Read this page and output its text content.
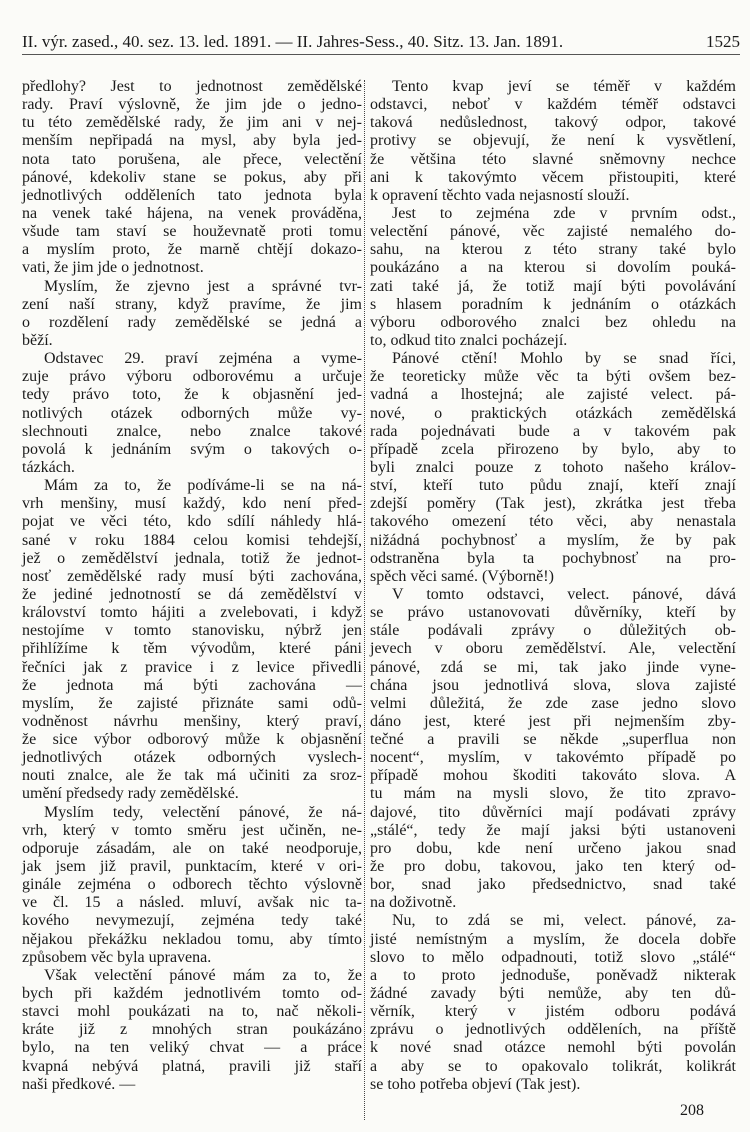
II. výr. zased., 40. sez. 13. led. 1891. — II. Jahres-Sess., 40. Sitz. 13. Jan. 1891.	1525
předlohy? Jest to jednotnost zemědělské
rady. Praví výslovně, že jim jde o jedno-
tu této zemědělské rady, že jim ani v nej-
menším nepřipadá na mysl, aby byla jed-
nota tato porušena, ale přece, velectění
pánové, kdekoliv stane se pokus, aby při
jednotlivých odděleních tato jednota byla
na venek také hájena, na venek prováděna,
všude tam staví se houževnatě proti tomu
a myslím proto, že marně chtějí dokazo-
vati, že jim jde o jednotnost.
Myslím, že zjevno jest a správné tvr-
zení naší strany, když pravíme, že jim
o rozdělení rady zemědělské se jedná a
běží.
Odstavec 29. praví zejména a vyme-
zuje právo výboru odborovému a určuje
tedy právo toto, že k objasnění jed-
notlivých otázek odborných může vy-
slechnouti znalce, nebo znalce takové
povolá k jednáním svým o takových o-
tázkách.
Mám za to, že podíváme-li se na ná-
vrh menšiny, musí každý, kdo není před-
pojat ve věci této, kdo sdílí náhledy hlá-
sané v roku 1884 celou komisi tehdejší,
jež o zemědělství jednala, totiž že jednot-
nosť zemědělské rady musí býti zachována,
že jediné jednotností se dá zemědělství v
království tomto hájiti a zvelebovati, i když
nestojíme v tomto stanovisku, nýbrž jen
přihlížíme k těm vývodům, které páni
řečníci jak z pravice i z levice přivedli
že jednota má býti zachována —
myslím, že zajisté přiznáte sami odů-
vodněnost návrhu menšiny, který praví,
že sice výbor odborový může k objasnění
jednotlivých otázek odborných vyslech-
nouti znalce, ale že tak má učiniti za sroz-
umění předsedy rady zemědělské.
Myslím tedy, velectění pánové, že ná-
vrh, který v tomto směru jest učiněn, ne-
odporuje zásadám, ale on také neodporuje,
jak jsem již pravil, punktacím, které v ori-
ginále zejména o odborech těchto výslovně
ve čl. 15 a násled. mluví, avšak nic ta-
kového nevymezují, zejména tedy také
nějakou překážku nekladou tomu, aby tímto
způsobem věc byla upravena.
Však velectění pánové mám za to, že
bych při každém jednotlivém tomto od-
stavci mohl poukázati na to, nač několi-
kráte již z mnohých stran poukázáno
bylo, na ten veliký chvat — a práce
kvapná nebývá platná, pravili již staří
naši předkové. —
Tento kvap jeví se téměř v každém
odstavci, neboť v každém téměř odstavci
taková nedůslednost, takový odpor, takové
protivy se objevují, že není k vysvětlení,
že většina této slavné sněmovny nechce
ani k takovýmto věcem přistoupiti, které
k opravení těchto vada nejasností slouží.
Jest to zejména zde v prvním odst.,
velectění pánové, věc zajisté nemalého do-
sahu, na kterou z této strany také bylo
poukázáno a na kterou si dovolím pouká-
zati také já, že totiž mají býti povolávání
s hlasem poradním k jednáním o otázkách
výboru odborového znalci bez ohledu na
to, odkud tito znalci pocházejí.
Pánové ctění! Mohlo by se snad říci,
že teoreticky může věc ta býti ovšem bez-
vadná a lhostejná; ale zajisté velect. pá-
nové, o praktických otázkách zemědělská
rada pojednávati bude a v takovém pak
případě zcela přirozeno by bylo, aby to
byli znalci pouze z tohoto našeho králov-
ství, kteří tuto půdu znají, kteří znají
zdejší poměry (Tak jest), zkrátka jest třeba
takového omezení této věci, aby nenastala
nižádná pochybnosť a myslím, že by pak
odstraněna byla ta pochybnosť na pro-
spěch věci samé. (Výborně!)
V tomto odstavci, velect. pánové, dává
se právo ustanovovati důvěrníky, kteří by
stále podávali zprávy o důležitých ob-
jevech v oboru zemědělství. Ale, velectění
pánové, zdá se mi, tak jako jinde vyne-
chána jsou jednotlivá slova, slova zajisté
velmi důležitá, že zde zase jedno slovo
dáno jest, které jest při nejmenším zby-
tečné a pravili se někde „superflua non
nocent“, myslím, v takovémto případě po
případě mohou škoditi takováto slova. A
tu mám na mysli slovo, že tito zpravo-
dajové, tito důvěrníci mají podávati zprávy
„stálé“, tedy že mají jaksi býti ustanoveni
pro dobu, kde není určeno jakou snad
že pro dobu, takovou, jako ten který od-
bor, snad jako předsednictvo, snad také
na doživotně.
Nu, to zdá se mi, velect. pánové, za-
jisté nemístným a myslím, že docela dobře
slovo to mělo odpadnouti, totiž slovo „stálé“
a to proto jednoduše, poněvadž nikterak
žádné zavady býti nemůže, aby ten dů-
věrník, který v jistém odboru podává
zprávu o jednotlivých odděleních, na příště
k nové snad otázce nemohl býti povolán
a aby se to opakovalo tolikrát, kolikrát
se toho potřeba objeví (Tak jest).
208
